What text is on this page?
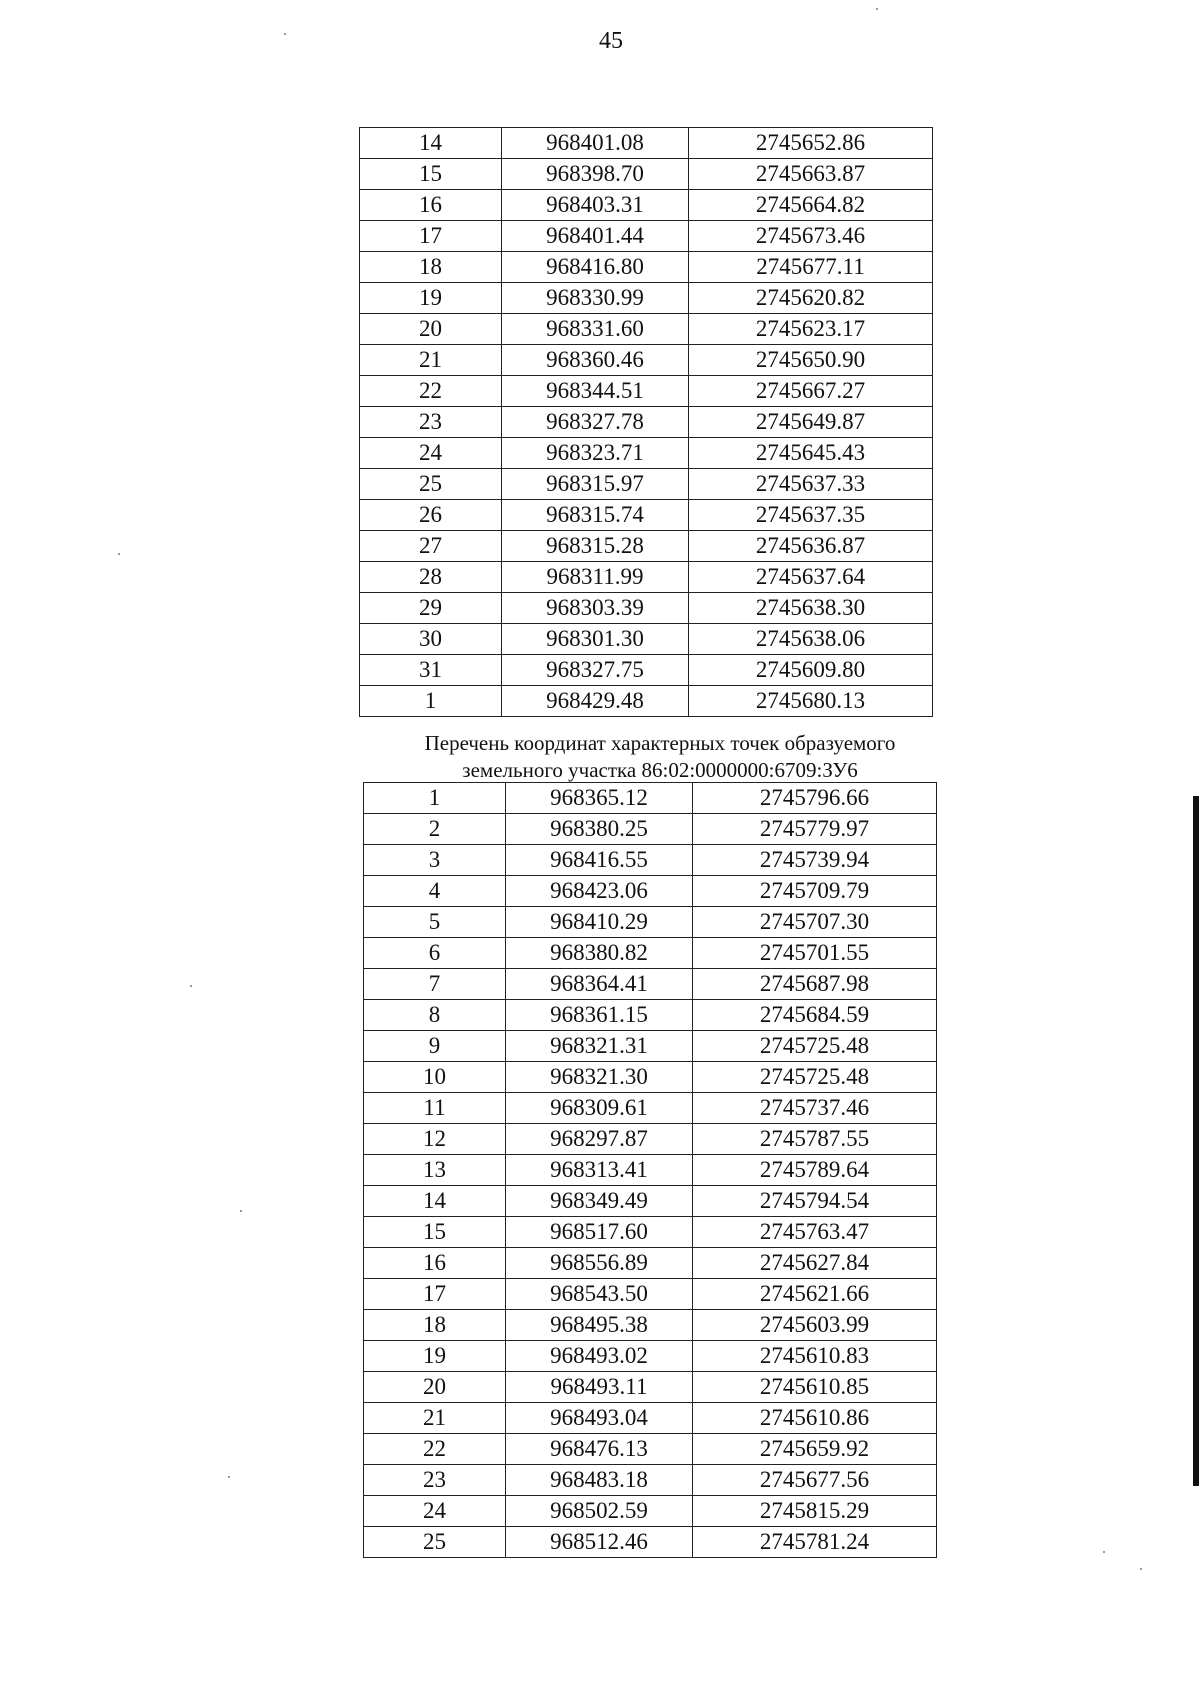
45
14	968401.08	2745652.86
15	968398.70	2745663.87
16	968403.31	2745664.82
17	968401.44	2745673.46
18	968416.80	2745677.11
19	968330.99	2745620.82
20	968331.60	2745623.17
21	968360.46	2745650.90
22	968344.51	2745667.27
23	968327.78	2745649.87
24	968323.71	2745645.43
25	968315.97	2745637.33
26	968315.74	2745637.35
27	968315.28	2745636.87
28	968311.99	2745637.64
29	968303.39	2745638.30
30	968301.30	2745638.06
31	968327.75	2745609.80
1	968429.48	2745680.13
Перечень координат характерных точек образуемого
земельного участка 86:02:0000000:6709:ЗУ6
1	968365.12	2745796.66
2	968380.25	2745779.97
3	968416.55	2745739.94
4	968423.06	2745709.79
5	968410.29	2745707.30
6	968380.82	2745701.55
7	968364.41	2745687.98
8	968361.15	2745684.59
9	968321.31	2745725.48
10	968321.30	2745725.48
11	968309.61	2745737.46
12	968297.87	2745787.55
13	968313.41	2745789.64
14	968349.49	2745794.54
15	968517.60	2745763.47
16	968556.89	2745627.84
17	968543.50	2745621.66
18	968495.38	2745603.99
19	968493.02	2745610.83
20	968493.11	2745610.85
21	968493.04	2745610.86
22	968476.13	2745659.92
23	968483.18	2745677.56
24	968502.59	2745815.29
25	968512.46	2745781.24
